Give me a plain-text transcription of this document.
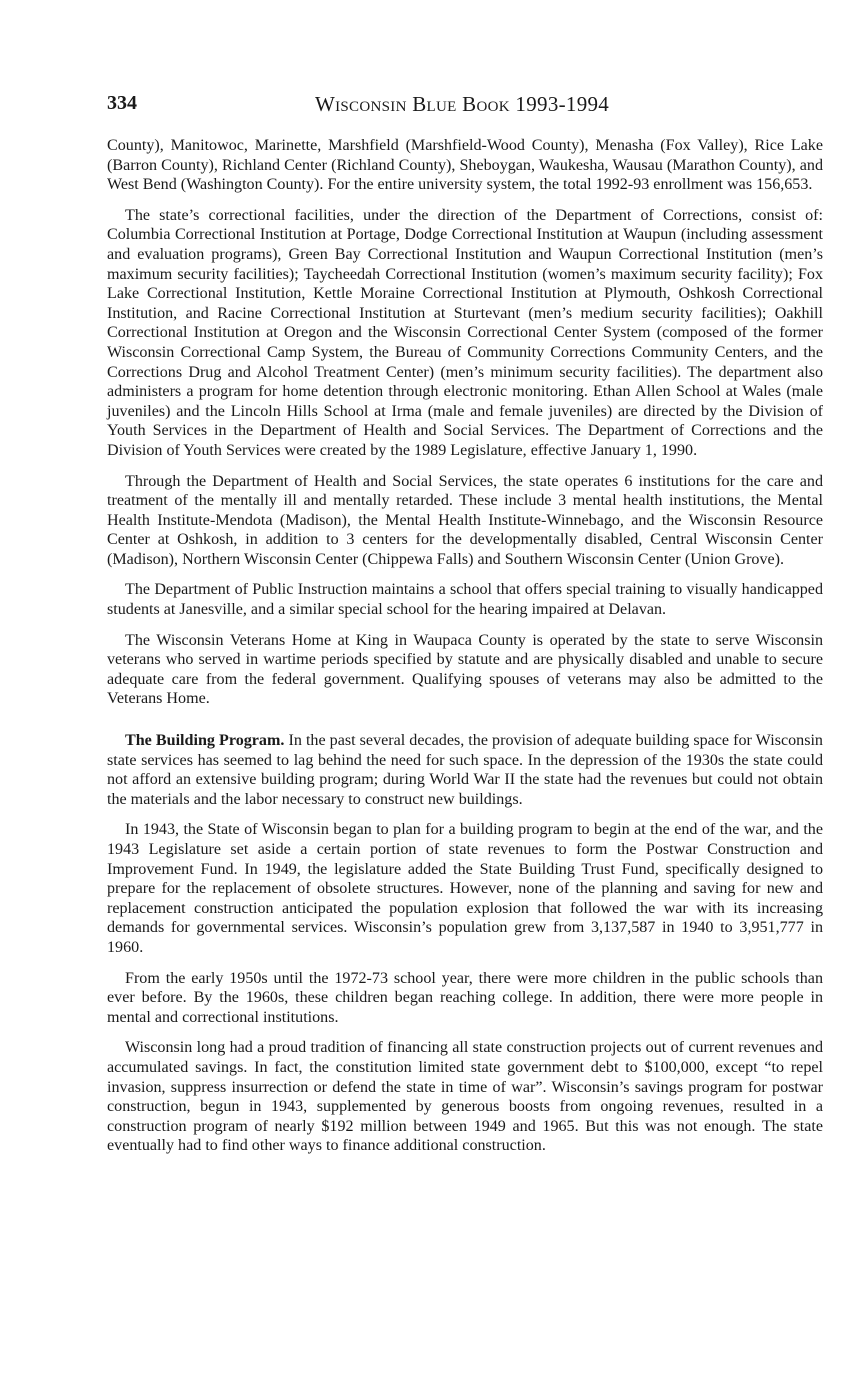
334	Wisconsin Blue Book 1993-1994

County), Manitowoc, Marinette, Marshfield (Marshfield-Wood County), Menasha (Fox Valley), Rice Lake (Barron County), Richland Center (Richland County), Sheboygan, Waukesha, Wausau (Marathon County), and West Bend (Washington County). For the entire university system, the total 1992-93 enrollment was 156,653.

The state’s correctional facilities, under the direction of the Department of Corrections, consist of: Columbia Correctional Institution at Portage, Dodge Correctional Institution at Waupun (including assessment and evaluation programs), Green Bay Correctional Institution and Waupun Correctional Institution (men’s maximum security facilities); Taycheedah Correctional Institution (women’s maximum security facility); Fox Lake Correctional Institution, Kettle Moraine Correctional Institution at Plymouth, Oshkosh Correctional Institution, and Racine Correctional Institution at Sturtevant (men’s medium security facilities); Oakhill Correctional Institution at Oregon and the Wisconsin Correctional Center System (composed of the former Wisconsin Correctional Camp System, the Bureau of Community Corrections Community Centers, and the Corrections Drug and Alcohol Treatment Center) (men’s minimum security facilities). The department also administers a program for home detention through electronic monitoring. Ethan Allen School at Wales (male juveniles) and the Lincoln Hills School at Irma (male and female juveniles) are directed by the Division of Youth Services in the Department of Health and Social Services. The Department of Corrections and the Division of Youth Services were created by the 1989 Legislature, effective January 1, 1990.

Through the Department of Health and Social Services, the state operates 6 institutions for the care and treatment of the mentally ill and mentally retarded. These include 3 mental health institutions, the Mental Health Institute-Mendota (Madison), the Mental Health Institute-Winnebago, and the Wisconsin Resource Center at Oshkosh, in addition to 3 centers for the developmentally disabled, Central Wisconsin Center (Madison), Northern Wisconsin Center (Chippewa Falls) and Southern Wisconsin Center (Union Grove).

The Department of Public Instruction maintains a school that offers special training to visually handicapped students at Janesville, and a similar special school for the hearing impaired at Delavan.

The Wisconsin Veterans Home at King in Waupaca County is operated by the state to serve Wisconsin veterans who served in wartime periods specified by statute and are physically disabled and unable to secure adequate care from the federal government. Qualifying spouses of veterans may also be admitted to the Veterans Home.

The Building Program. In the past several decades, the provision of adequate building space for Wisconsin state services has seemed to lag behind the need for such space. In the depression of the 1930s the state could not afford an extensive building program; during World War II the state had the revenues but could not obtain the materials and the labor necessary to construct new buildings.

In 1943, the State of Wisconsin began to plan for a building program to begin at the end of the war, and the 1943 Legislature set aside a certain portion of state revenues to form the Postwar Construction and Improvement Fund. In 1949, the legislature added the State Building Trust Fund, specifically designed to prepare for the replacement of obsolete structures. However, none of the planning and saving for new and replacement construction anticipated the population explosion that followed the war with its increasing demands for governmental services. Wisconsin’s population grew from 3,137,587 in 1940 to 3,951,777 in 1960.

From the early 1950s until the 1972-73 school year, there were more children in the public schools than ever before. By the 1960s, these children began reaching college. In addition, there were more people in mental and correctional institutions.

Wisconsin long had a proud tradition of financing all state construction projects out of current revenues and accumulated savings. In fact, the constitution limited state government debt to $100,000, except “to repel invasion, suppress insurrection or defend the state in time of war”. Wisconsin’s savings program for postwar construction, begun in 1943, supplemented by generous boosts from ongoing revenues, resulted in a construction program of nearly $192 million between 1949 and 1965. But this was not enough. The state eventually had to find other ways to finance additional construction.
